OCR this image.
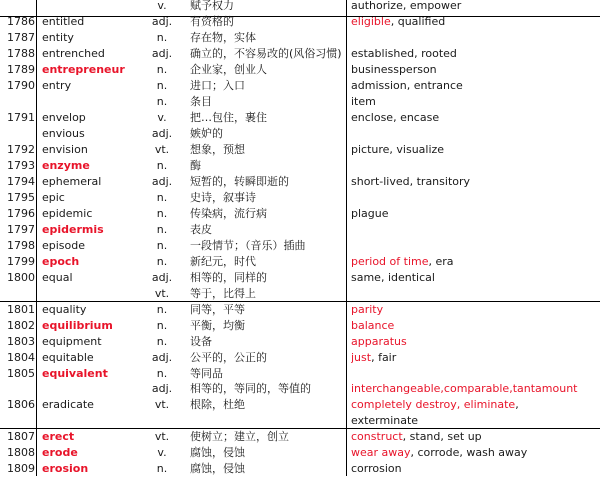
v.	赋予权力	authorize, empower
1786 entitled	adj.	有资格的	eligible, qualified
1787 entity	n.	存在物，实体
1788 entrenched	adj.	确立的，不容易改的(风俗习惯) established, rooted
1789 entrepreneur	n.	企业家，创业人	businessperson
1790 entry	n.	进口；入口	admission, entrance
n.	条目	item
1791 envelop	v.	把…包住，裹住	enclose, encase
envious	adj.	嫉妒的
1792 envision	vt.	想象，预想	picture, visualize
1793 enzyme	n.	酶
1794 ephemeral	adj.	短暂的，转瞬即逝的	short-lived, transitory
1795 epic	n.	史诗，叙事诗
1796 epidemic	n.	传染病，流行病	plague
1797 epidermis	n.	表皮
1798 episode	n.	一段情节；（音乐）插曲
1799 epoch	n.	新纪元，时代	period of time, era
1800 equal	adj.	相等的，同样的	same, identical
vt.	等于，比得上
1801 equality	n.	同等，平等	parity
1802 equilibrium	n.	平衡，均衡	balance
1803 equipment	n.	设备	apparatus
1804 equitable	adj.	公平的，公正的	just, fair
1805 equivalent	n.	等同品
adj.	相等的，等同的，等值的	interchangeable,comparable,tantamount
1806 eradicate	vt.	根除，杜绝	completely destroy, eliminate,
exterminate
1807 erect	vt.	使树立；建立，创立	construct, stand, set up
1808 erode	v.	腐蚀，侵蚀	wear away, corrode, wash away
1809 erosion	n.	腐蚀，侵蚀	corrosion
